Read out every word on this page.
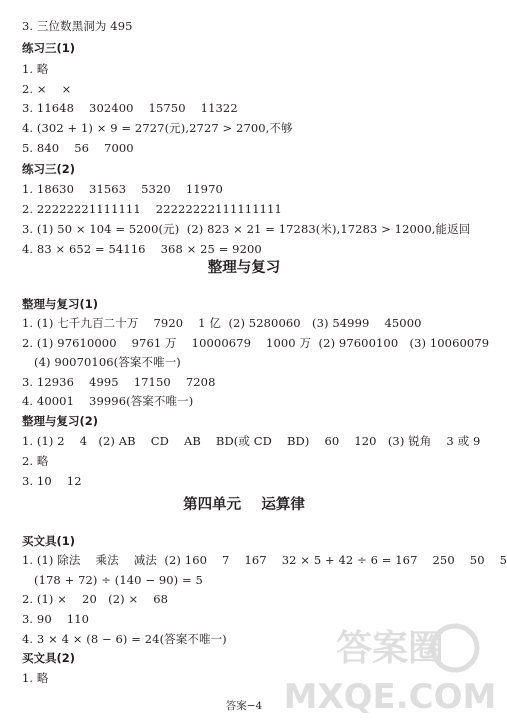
3. 三位数黑洞为 495
练习三(1)
1. 略
2. ×    ×
3. 11648    302400    15750    11322
4. (302 + 1) × 9 = 2727(元),2727 > 2700,不够
5. 840    56    7000
练习三(2)
1. 18630    31563    5320    11970
2. 22222221111111    22222222111111111
3. (1) 50 × 104 = 5200(元)  (2) 823 × 21 = 17283(米),17283 > 12000,能返回
4. 83 × 652 = 54116    368 × 25 = 9200
整理与复习
整理与复习(1)
1. (1) 七千九百二十万    7920    1 亿  (2) 5280060   (3) 54999    45000
2. (1) 97610000    9761 万    10000679    1000 万  (2) 97600100   (3) 10060079
(4) 90070106(答案不唯一)
3. 12936    4995    17150    7208
4. 40001    39996(答案不唯一)
整理与复习(2)
1. (1) 2    4   (2) AB    CD    AB    BD(或 CD    BD)    60    120   (3) 锐角    3 或 9
2. 略
3. 10    12
第四单元    运算律
买文具(1)
1. (1) 除法    乘法    减法  (2) 160    7    167    32 × 5 + 42 ÷ 6 = 167    250    50    5
(178 + 72) ÷ (140 − 90) = 5
2. (1) ×    20   (2) ×    68
3. 90    110
4. 3 × 4 × (8 − 6) = 24(答案不唯一)
买文具(2)
1. 略
答案−4
答案圈
MXQE.COM
